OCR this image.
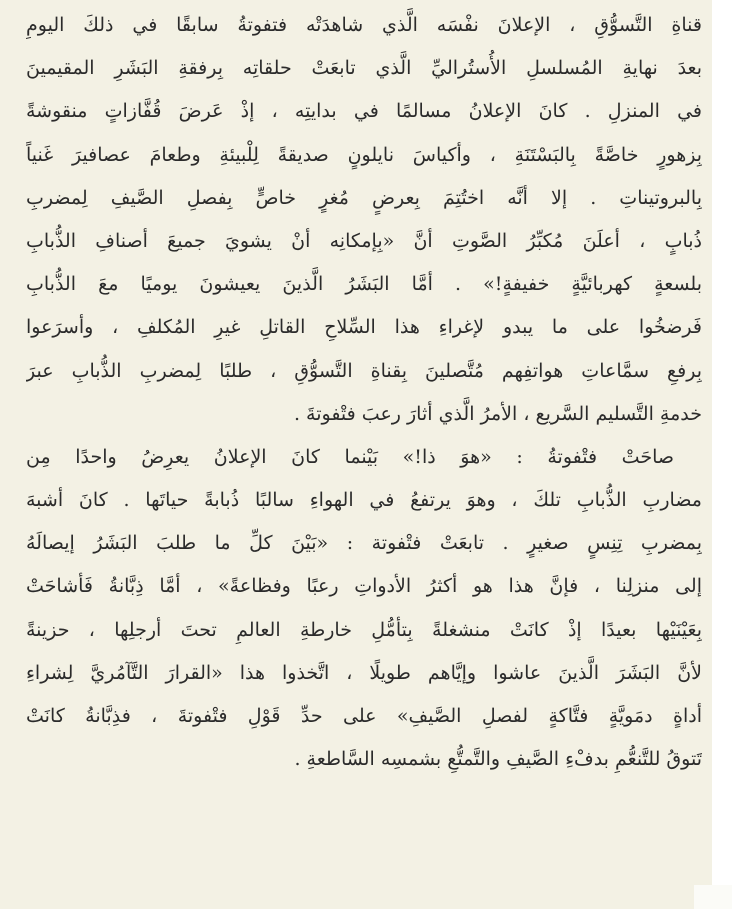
قناةِ التَّسوُّقِ ، الإعلانَ نفْسَه الَّذي شاهدَتْه فتفوتةُ سابقًا في ذلكَ اليومِ
بعدَ نهايةِ المُسلسلِ الأُستُراليِّ الَّذي تابعَتْ حلقاتِه بِرفقةِ البَشَرِ المقيمينَ
في المنزلِ . كانَ الإعلانُ مسالمًا في بدايتِه ، إذْ عَرضَ قُفَّازاتٍ منقوشةً
بِزهورٍ خاصَّةً بِالبَسْتَنَةِ ، وأكياسَ نايلونٍ صديقةً لِلْبيئةِ وطعامَ عصافيرَ غَنياً
بِالبروتيناتِ . إلا أنَّه اختُتِمَ بِعرضٍ مُغرٍ خاصٍّ بِفصلِ الصَّيفِ لِمضربِ
ذُبابٍ ، أعلَنَ مُكبِّرُ الصَّوتِ أنَّ «بِإمكانِه أنْ يشويَ جميعَ أصنافِ الذُّبابِ
بلسعةٍ كهربائيَّةٍ خفيفةٍ!» . أمَّا البَشَرُ الَّذينَ يعيشونَ يوميًا معَ الذُّبابِ
فَرضخُوا على ما يبدو لإغراءِ هذا السِّلاحِ القاتلِ غيرِ المُكلفِ ، وأسرَعوا
بِرفعِ سمَّاعاتِ هواتفِهم مُتَّصلينَ بِقناةِ التَّسوُّقِ ، طلبًا لِمضربِ الذُّبابِ عبرَ
خدمةِ التَّسليم السَّريع ، الأمرُ الَّذي أثارَ رعبَ فتْفوتةَ .
صاحَتْ فتْفوتةُ : «هوَ ذا!» بَيْنما كانَ الإعلانُ يعرِضُ واحدًا مِن
مضاربِ الذُّبابِ تلكَ ، وهوَ يرتفعُ في الهواءِ سالبًا ذُبابةً حياتَها . كانَ أشبهَ
بِمضربِ تِنِسٍ صغيرٍ . تابعَتْ فتْفوتة : «بَيْنَ كلِّ ما طلبَ البَشَرُ إيصالَهُ
إلى منزلِنا ، فإنَّ هذا هو أكثرُ الأدواتِ رعبًا وفظاعةً» ، أمَّا ذِبَّانةُ فَأشاحَتْ
بِعَيْنَيْها بعيدًا إذْ كانَتْ منشغلةً بِتأمُّلِ خارطةِ العالمِ تحتَ أرجلِها ، حزينةً
لأنَّ البَشَرَ الَّذينَ عاشوا وإيَّاهم طويلًا ، اتَّخذوا هذا «القرارَ التَّآمُريَّ لِشراءِ
أداةٍ دمَويَّةٍ فتَّاكةٍ لفصلِ الصَّيفِ» على حدِّ قَوْلِ فتْفوتةَ ، فذِبَّانةُ كانَتْ
تَتوقُ للتَّنعُّمِ بدفْءِ الصَّيفِ والتَّمتُّعِ بشمسِه السَّاطعةِ .
